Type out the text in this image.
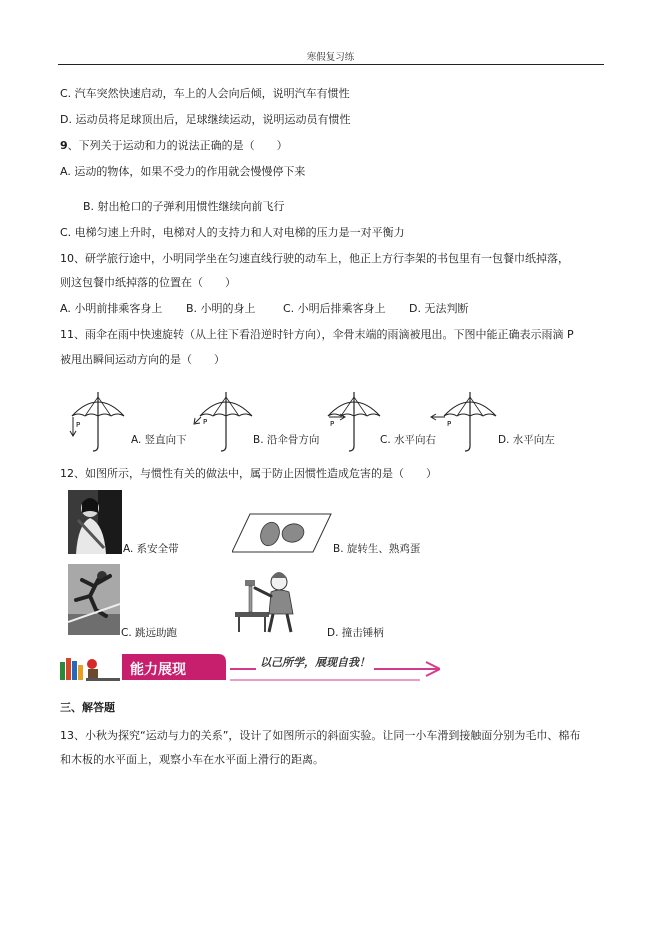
寒假复习练
C. 汽车突然快速启动，车上的人会向后倾，说明汽车有惯性
D. 运动员将足球顶出后，足球继续运动，说明运动员有惯性
9、下列关于运动和力的说法正确的是（　　）
A. 运动的物体，如果不受力的作用就会慢慢停下来
B. 射出枪口的子弹利用惯性继续向前飞行
C. 电梯匀速上升时，电梯对人的支持力和人对电梯的压力是一对平衡力
10、研学旅行途中，小明同学坐在匀速直线行驶的动车上，他正上方行李架的书包里有一包餐巾纸掉落，
则这包餐巾纸掉落的位置在（　　）
A. 小明前排乘客身上 B. 小明的身上 C. 小明后排乘客身上 D. 无法判断
11、雨伞在雨中快速旋转（从上往下看沿逆时针方向），伞骨末端的雨滴被甩出。下图中能正确表示雨滴 P
被甩出瞬间运动方向的是（　　）
P	P	P	P
A. 竖直向下	B. 沿伞骨方向	C. 水平向右	D. 水平向左
12、如图所示，与惯性有关的做法中，属于防止因惯性造成危害的是（　　）
A. 系安全带	B. 旋转生、熟鸡蛋
C. 跳远助跑	D. 撞击锤柄
能力展现	以己所学，展现自我！
三、解答题
13、小秋为探究“运动与力的关系”，设计了如图所示的斜面实验。让同一小车滑到接触面分别为毛巾、棉布
和木板的水平面上，观察小车在水平面上滑行的距离。
